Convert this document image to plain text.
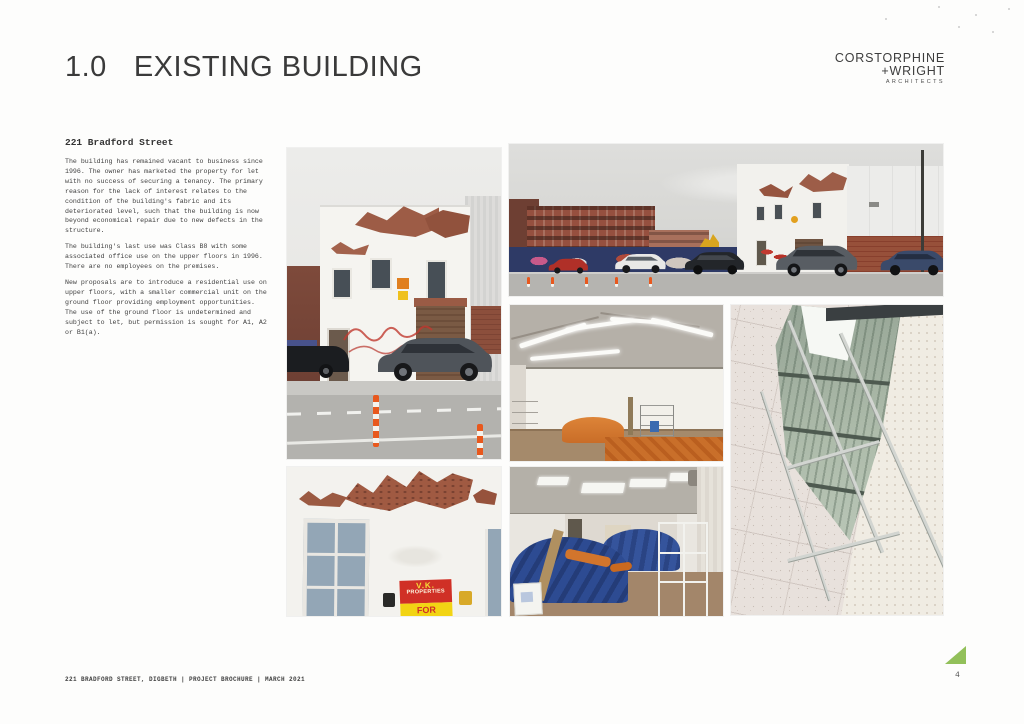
1.0 EXISTING BUILDING	CORSTORPHINE
+WRIGHT
ARCHITECTS
221 Bradford Street

The building has remained vacant to business since 1996. The owner has marketed the property for let with no success of securing a tenancy. The primary reason for the lack of interest relates to the condition of the building's fabric and its deteriorated level, such that the building is now beyond economical repair due to new defects in the structure.

The building's last use was Class B8 with some associated office use on the upper floors in 1996. There are no employees on the premises.

New proposals are to introduce a residential use on upper floors, with a smaller commercial unit on the ground floor providing employment opportunities. The use of the ground floor is undetermined and subject to let, but permission is sought for A1, A2 or B1(a).

V.K.
PROPERTIES
FOR
221 BRADFORD STREET, DIGBETH | PROJECT BROCHURE | MARCH 2021	4
